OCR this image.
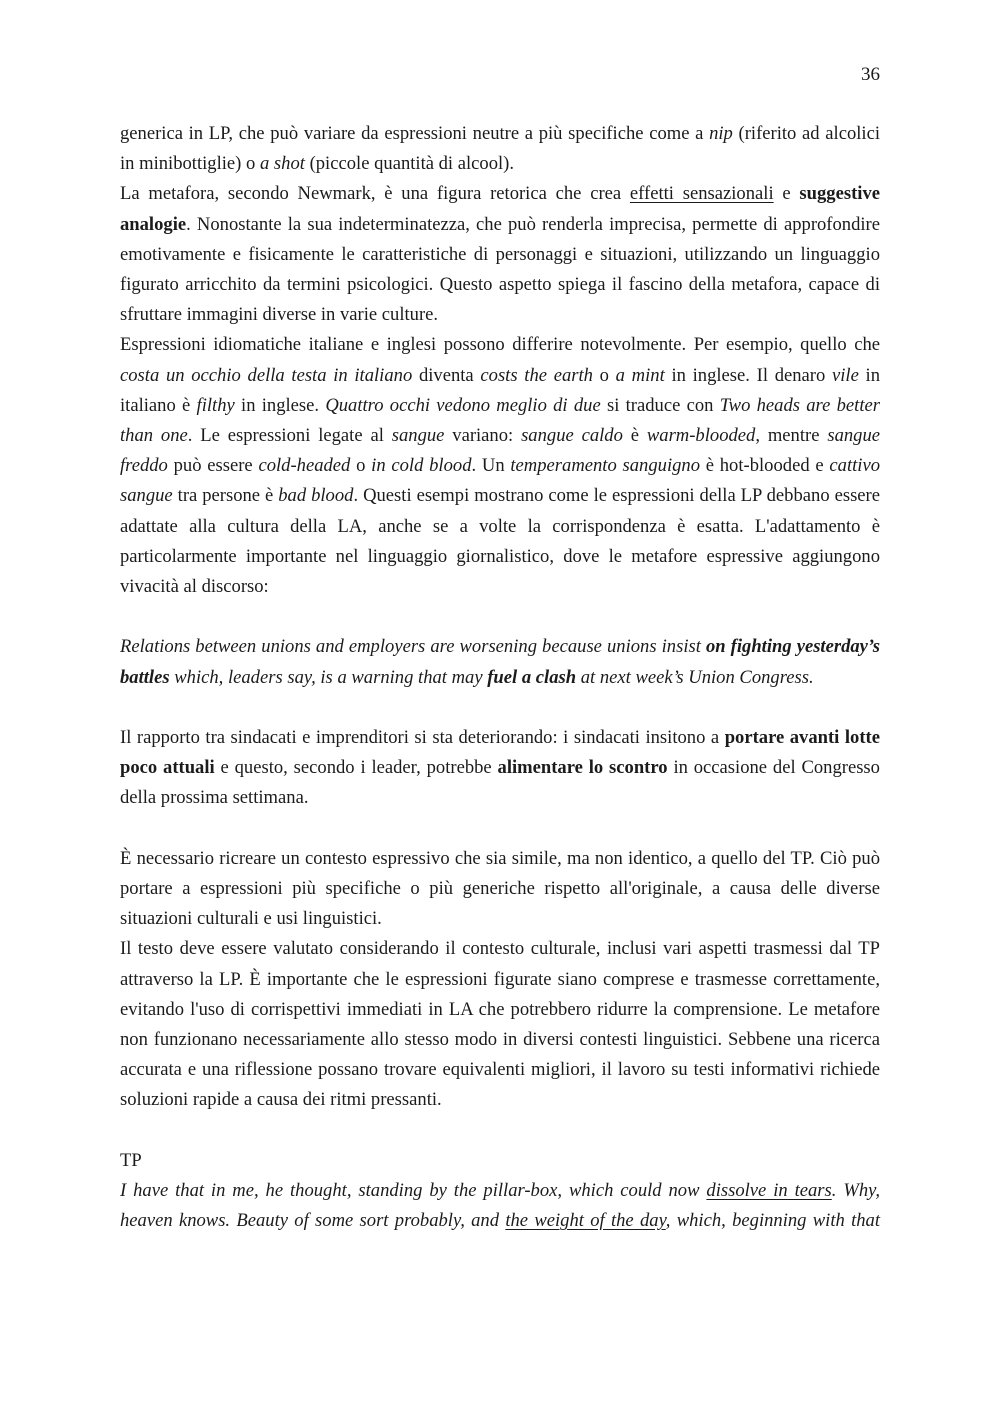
36

generica in LP, che può variare da espressioni neutre a più specifiche come a nip (riferito ad alcolici in minibottiglie) o a shot (piccole quantità di alcool).

La metafora, secondo Newmark, è una figura retorica che crea effetti sensazionali e suggestive analogie. Nonostante la sua indeterminatezza, che può renderla imprecisa, permette di approfondire emotivamente e fisicamente le caratteristiche di personaggi e situazioni, utilizzando un linguaggio figurato arricchito da termini psicologici. Questo aspetto spiega il fascino della metafora, capace di sfruttare immagini diverse in varie culture.

Espressioni idiomatiche italiane e inglesi possono differire notevolmente. Per esempio, quello che costa un occhio della testa in italiano diventa costs the earth o a mint in inglese. Il denaro vile in italiano è filthy in inglese. Quattro occhi vedono meglio di due si traduce con Two heads are better than one. Le espressioni legate al sangue variano: sangue caldo è warm-blooded, mentre sangue freddo può essere cold-headed o in cold blood. Un temperamento sanguigno è hot-blooded e cattivo sangue tra persone è bad blood. Questi esempi mostrano come le espressioni della LP debbano essere adattate alla cultura della LA, anche se a volte la corrispondenza è esatta. L'adattamento è particolarmente importante nel linguaggio giornalistico, dove le metafore espressive aggiungono vivacità al discorso:

Relations between unions and employers are worsening because unions insist on fighting yesterday’s battles which, leaders say, is a warning that may fuel a clash at next week’s Union Congress.

Il rapporto tra sindacati e imprenditori si sta deteriorando: i sindacati insitono a portare avanti lotte poco attuali e questo, secondo i leader, potrebbe alimentare lo scontro in occasione del Congresso della prossima settimana.

È necessario ricreare un contesto espressivo che sia simile, ma non identico, a quello del TP. Ciò può portare a espressioni più specifiche o più generiche rispetto all'originale, a causa delle diverse situazioni culturali e usi linguistici.

Il testo deve essere valutato considerando il contesto culturale, inclusi vari aspetti trasmessi dal TP attraverso la LP. È importante che le espressioni figurate siano comprese e trasmesse correttamente, evitando l'uso di corrispettivi immediati in LA che potrebbero ridurre la comprensione. Le metafore non funzionano necessariamente allo stesso modo in diversi contesti linguistici. Sebbene una ricerca accurata e una riflessione possano trovare equivalenti migliori, il lavoro su testi informativi richiede soluzioni rapide a causa dei ritmi pressanti.

TP

I have that in me, he thought, standing by the pillar-box, which could now dissolve in tears. Why, heaven knows. Beauty of some sort probably, and the weight of the day, which, beginning with that
